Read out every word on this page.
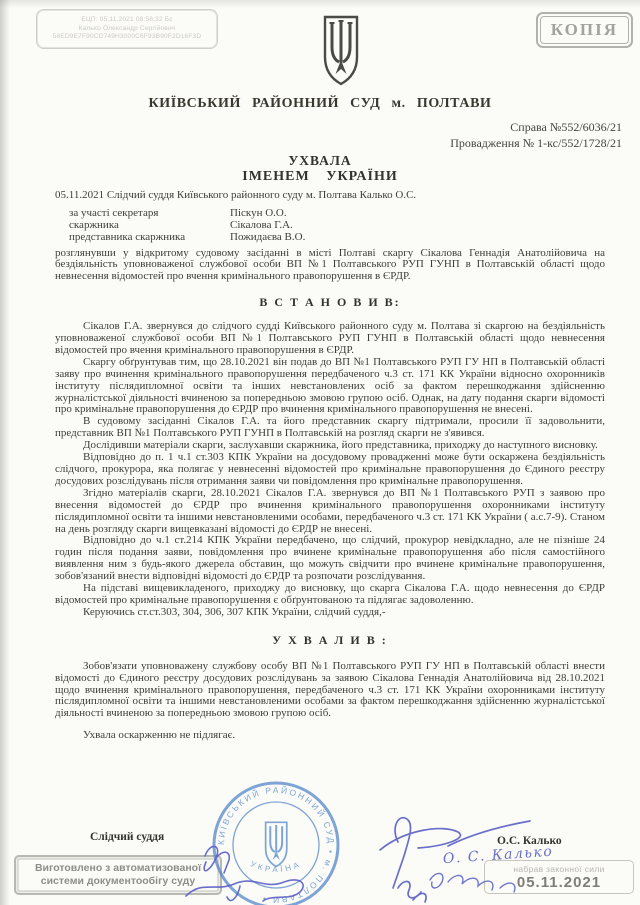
ЕЦП: 05.11.2021 08:58:32 Бс
Калько Олександр Сергійович
58ED9E7F90CD749H3000C6F93B90F2D16F3D	КОПІЯ
КИЇВСЬКИЙ РАЙОННИЙ СУД м. ПОЛТАВИ
Справа №552/6036/21
Провадження № 1-кс/552/1728/21
УХВАЛА
ІМЕНЕМ УКРАЇНИ
05.11.2021 Слідчий суддя Київського районного суду м. Полтава Калько О.С.
за участі секретаря	Піскун О.О.
скаржника	Сікалова Г.А.
представника скаржника	Пожидаєва В.О.

розглянувши у відкритому судовому засіданні в місті Полтаві скаргу Сікалова Геннадія Анатолійовича на бездіяльність уповноваженої службової особи ВП №1 Полтавського РУП ГУНП в Полтавській області щодо невнесення відомостей про вчення кримінального правопорушення в ЄРДР.

В С Т А Н О В И В:

Сікалов Г.А. звернувся до слідчого судді Київського районного суду м. Полтава зі скаргою на бездіяльність уповноваженої службової особи ВП №1 Полтавського РУП ГУНП в Полтавській області щодо невнесення відомостей про вчення кримінального правопорушення в ЄРДР.

Скаргу обґрунтував тим, що 28.10.2021 він подав до ВП №1 Полтавського РУП ГУ НП в Полтавській області заяву про вчинення кримінального правопорушення передбаченого ч.3 ст. 171 КК України відносно охоронників інституту післядипломної освіти та інших невстановлених осіб за фактом перешкоджання здійсненню журналістської діяльності вчиненою за попередньою змовою групою осіб. Однак, на дату подання скарги відомості про кримінальне правопорушення до ЄРДР про вчинення кримінального правопорушення не внесені.

В судовому засіданні Сікалов Г.А. та його представник скаргу підтримали, просили її задовольнити, представник ВП №1 Полтавського РУП ГУНП в Полтавській на розгляд скарги не з'явився.

Дослідивши матеріали скарги, заслухавши скаржника, його представника, приходжу до наступного висновку.

Відповідно до п. 1 ч.1 ст.303 КПК України на досудовому провадженні може бути оскаржена бездіяльність слідчого, прокурора, яка полягає у невнесенні відомостей про кримінальне правопорушення до Єдиного реєстру досудових розслідувань після отримання заяви чи повідомлення про кримінальне правопорушення.

Згідно матеріалів скарги, 28.10.2021 Сікалов Г.А. звернувся до ВП №1 Полтавського РУП з заявою про внесення відомостей до ЄРДР про вчинення кримінального правопорушення охоронниками інституту післядипломної освіти та іншими невстановленими особами, передбаченого ч.3 ст. 171 КК України ( а.с.7-9). Станом на день розгляду скарги вищевказані відомості до ЄРДР не внесені.

Відповідно до ч.1 ст.214 КПК України передбачено, що слідчий, прокурор невідкладно, але не пізніше 24 годин після подання заяви, повідомлення про вчинене кримінальне правопорушення або після самостійного виявлення ним з будь-якого джерела обставин, що можуть свідчити про вчинене кримінальне правопорушення, зобов'язаний внести відповідні відомості до ЄРДР та розпочати розслідування.

На підставі вищевикладеного, приходжу до висновку, що скарга Сікалова Г.А. щодо невнесення до ЄРДР відомостей про кримінальне правопорушення є обґрунтованою та підлягає задоволенню.

Керуючись ст.ст.303, 304, 306, 307 КПК України, слідчий суддя,-

У Х В А Л И В :

Зобов'язати уповноважену службову особу ВП №1 Полтавського РУП ГУ НП в Полтавській області внести відомості до Єдиного реєстру досудових розслідувань за заявою Сікалова Геннадія Анатолійовича від 28.10.2021 щодо вчинення кримінального правопорушення, передбаченого ч.3 ст. 171 КК України охоронниками інституту післядипломної освіти та іншими невстановленими особами за фактом перешкоджання здійсненню журналістської діяльності вчиненою за попередньою змовою групою осіб.

Ухвала оскарженню не підлягає.

Слідчий суддя	О.С. Калько
Виготовлено з автоматизованої
системи документообігу суду
набрав законної сили
05.11.2021
КИЇВСЬКИЙ РАЙОННИЙ СУД • м. ПОЛТАВИ •
УКРАЇНА	О. С. Калько
